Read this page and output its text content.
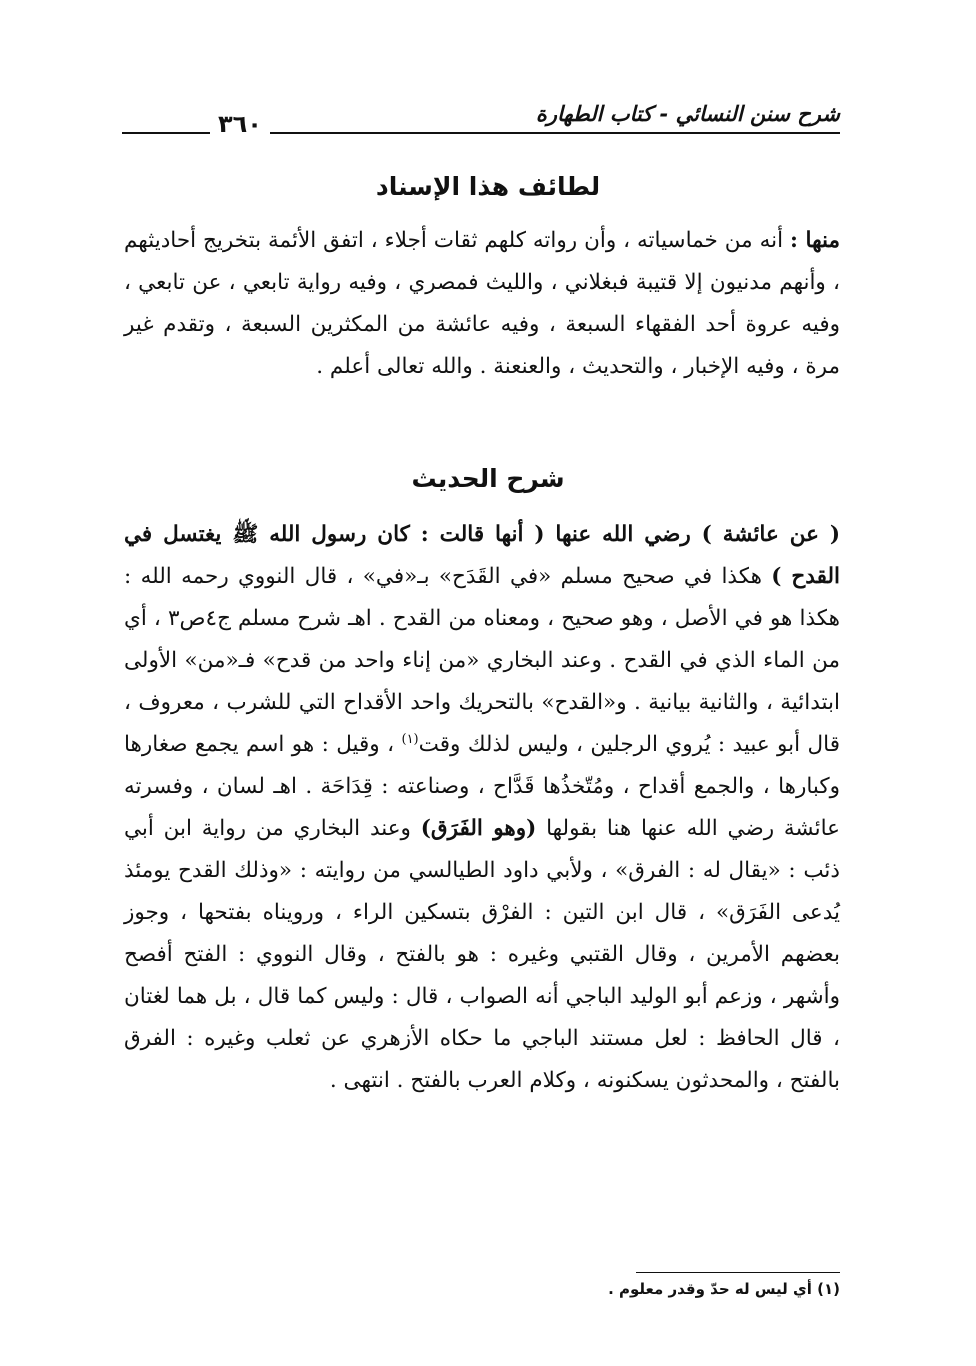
شرح سنن النسائي - كتاب الطهارة
٣٦٠
لطائف هذا الإسناد

منها : أنه من خماسياته ، وأن رواته كلهم ثقات أجلاء ، اتفق الأئمة بتخريج أحاديثهم ، وأنهم مدنيون إلا قتيبة فبغلاني ، والليث فمصري ، وفيه رواية تابعي ، عن تابعي ، وفيه عروة أحد الفقهاء السبعة ، وفيه عائشة من المكثرين السبعة ، وتقدم غير مرة ، وفيه الإخبار ، والتحديث ، والعنعنة . والله تعالى أعلم .

شرح الحديث

( عن عائشة ) رضي الله عنها ( أنها قالت : كان رسول الله ﷺ يغتسل في القدح ) هكذا في صحيح مسلم «في القَدَح» بـ«في» ، قال النووي رحمه الله : هكذا هو في الأصل ، وهو صحيح ، ومعناه من القدح . اهـ شرح مسلم ج٤ص٣ ، أي من الماء الذي في القدح . وعند البخاري «من إناء واحد من قدح» فـ«من» الأولى ابتدائية ، والثانية بيانية . و«القدح» بالتحريك واحد الأقداح التي للشرب ، معروف ، قال أبو عبيد : يُروي الرجلين ، وليس لذلك وقت$^{(١)}$ ، وقيل : هو اسم يجمع صغارها وكبارها ، والجمع أقداح ، ومُتّخذُها قَدَّاح ، وصناعته : قِدَاحَة . اهـ لسان ، وفسرته عائشة رضي الله عنها هنا بقولها (وهو الفَرَق) وعند البخاري من رواية ابن أبي ذئب : «يقال له : الفرق» ، ولأبي داود الطيالسي من روايته : «وذلك القدح يومئذ يُدعى الفَرَق» ، قال ابن التين : الفرْق بتسكين الراء ، ورويناه بفتحها ، وجوز بعضهم الأمرين ، وقال القتبي وغيره : هو بالفتح ، وقال النووي : الفتح أفصح وأشهر ، وزعم أبو الوليد الباجي أنه الصواب ، قال : وليس كما قال ، بل هما لغتان ، قال الحافظ : لعل مستند الباجي ما حكاه الأزهري عن ثعلب وغيره : الفرق بالفتح ، والمحدثون يسكنونه ، وكلام العرب بالفتح . انتهى .

(١) أي ليس له حدّ وقدر معلوم .
